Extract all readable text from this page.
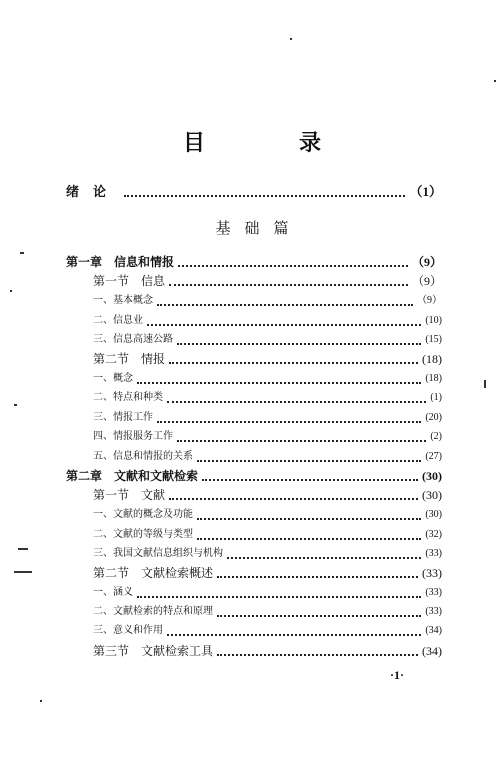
目　录
基础篇
绪论	（1）
第一章　信息和情报	（9）
第一节　信息	（9）
一、基本概念	（9）
二、信息业	(10)
三、信息高速公路	(15)
第二节　情报	(18)
一、概念	(18)
二、特点和种类	(1)
三、情报工作	(20)
四、情报服务工作	(2)
五、信息和情报的关系	(27)
第二章　文献和文献检索	(30)
第一节　文献	(30)
一、文献的概念及功能	(30)
二、文献的等级与类型	(32)
三、我国文献信息组织与机构	(33)
第二节　文献检索概述	(33)
一、涵义	(33)
二、文献检索的特点和原理	(33)
三、意义和作用	(34)
第三节　文献检索工具	(34)
·1·
